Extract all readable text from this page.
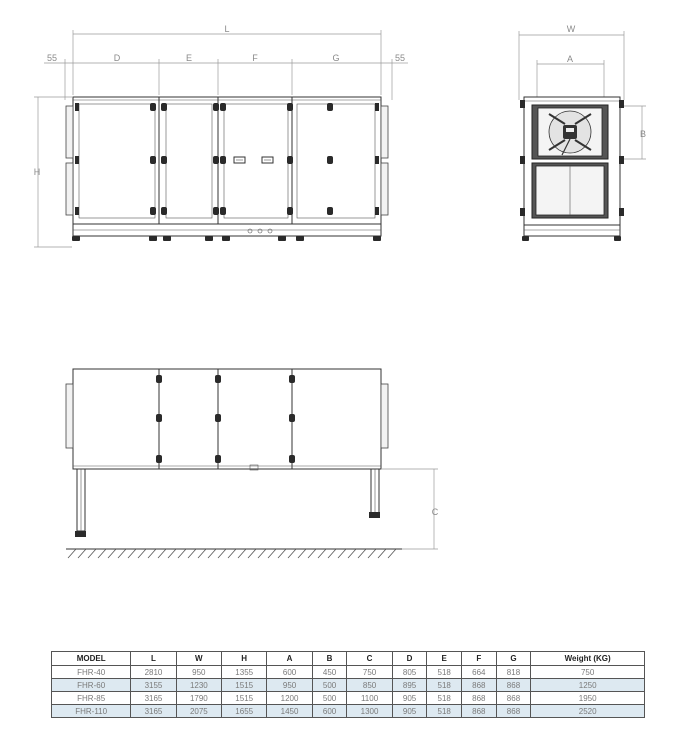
L
55	D	E	F	G	55
H
W
A
B
C
MODEL	L	W	H	A	B	C	D	E	F	G	Weight (KG)
FHR-40	2810	950	1355	600	450	750	805	518	664	818	750
FHR-60	3155	1230	1515	950	500	850	895	518	868	868	1250
FHR-85	3165	1790	1515	1200	500	1100	905	518	868	868	1950
FHR-110	3165	2075	1655	1450	600	1300	905	518	868	868	2520
